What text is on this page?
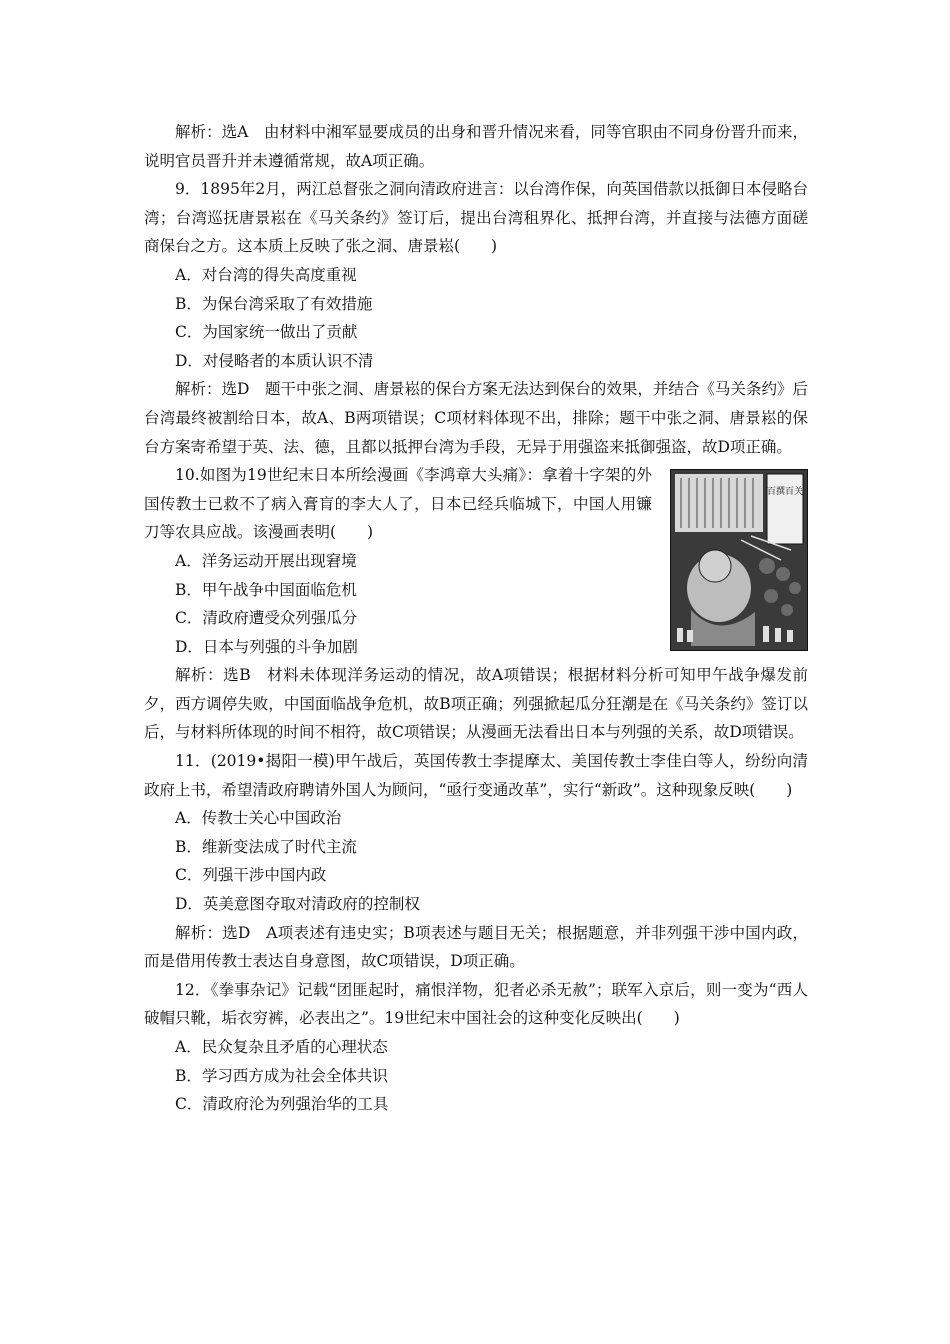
解析：选A　由材料中湘军显要成员的出身和晋升情况来看，同等官职由不同身份晋升而来，说明官员晋升并未遵循常规，故A项正确。

9．1895年2月，两江总督张之洞向清政府进言：以台湾作保，向英国借款以抵御日本侵略台湾；台湾巡抚唐景崧在《马关条约》签订后，提出台湾租界化、抵押台湾，并直接与法德方面磋商保台之方。这本质上反映了张之洞、唐景崧(　　)

A．对台湾的得失高度重视

B．为保台湾采取了有效措施

C．为国家统一做出了贡献

D．对侵略者的本质认识不清

解析：选D　题干中张之洞、唐景崧的保台方案无法达到保台的效果，并结合《马关条约》后台湾最终被割给日本，故A、B两项错误；C项材料体现不出，排除；题干中张之洞、唐景崧的保台方案寄希望于英、法、德，且都以抵押台湾为手段，无异于用强盗来抵御强盗，故D项正确。

10.如图为19世纪末日本所绘漫画《李鸿章大头痛》：拿着十字架的外国传教士已救不了病入膏肓的李大人了，日本已经兵临城下，中国人用镰刀等农具应战。该漫画表明(　　)

A．洋务运动开展出现窘境

B．甲午战争中国面临危机

C．清政府遭受众列强瓜分

D．日本与列强的斗争加剧

百撰百关

解析：选B　材料未体现洋务运动的情况，故A项错误；根据材料分析可知甲午战争爆发前夕，西方调停失败，中国面临战争危机，故B项正确；列强掀起瓜分狂潮是在《马关条约》签订以后，与材料所体现的时间不相符，故C项错误；从漫画无法看出日本与列强的关系，故D项错误。

11．(2019•揭阳一模)甲午战后，英国传教士李提摩太、美国传教士李佳白等人，纷纷向清政府上书，希望清政府聘请外国人为顾问，“亟行变通改革”，实行“新政”。这种现象反映(　　)

A．传教士关心中国政治

B．维新变法成了时代主流

C．列强干涉中国内政

D．英美意图夺取对清政府的控制权

解析：选D　A项表述有违史实；B项表述与题目无关；根据题意，并非列强干涉中国内政，而是借用传教士表达自身意图，故C项错误，D项正确。

12．《拳事杂记》记载“团匪起时，痛恨洋物，犯者必杀无赦”；联军入京后，则一变为“西人破帽只靴，垢衣穷裤，必表出之”。19世纪末中国社会的这种变化反映出(　　)

A．民众复杂且矛盾的心理状态

B．学习西方成为社会全体共识

C．清政府沦为列强治华的工具
